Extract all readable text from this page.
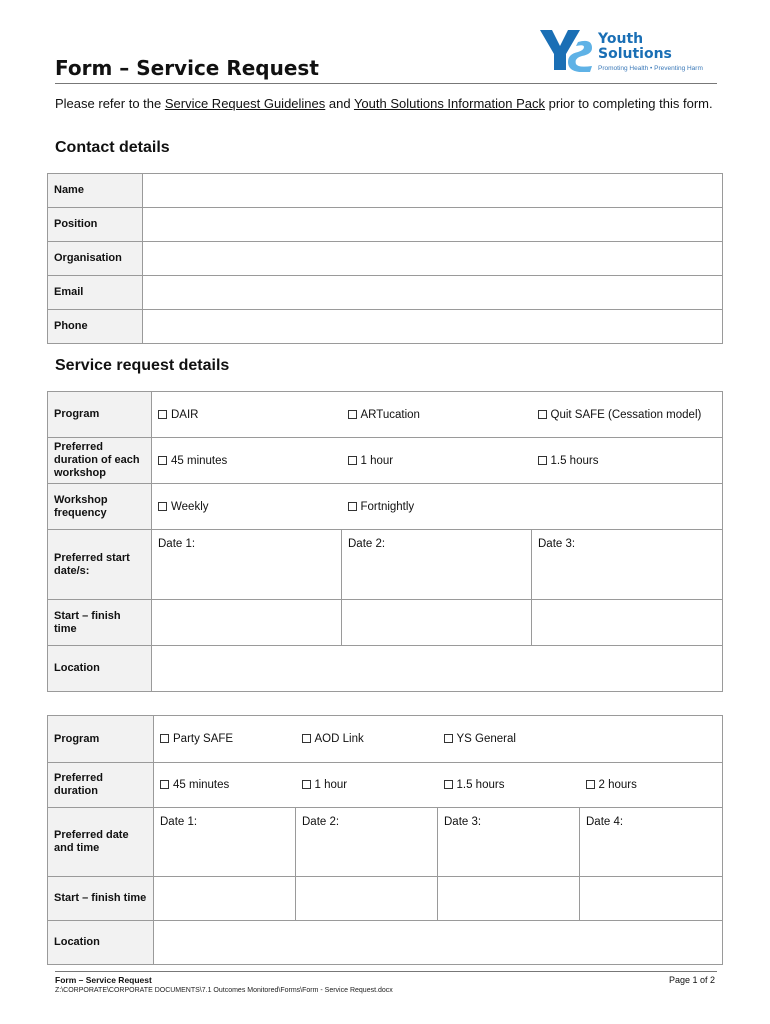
Youth
Solutions
Promoting Health • Preventing Harm
Form – Service Request
Please refer to the Service Request Guidelines and Youth Solutions Information Pack prior to completing this form.
Contact details
Name	
Position	
Organisation	
Email	
Phone	
Service request details
Program	DAIR	ARTucation	Quit SAFE (Cessation model)
Preferred duration of each workshop	45 minutes	1 hour	1.5 hours
Workshop frequency	Weekly	Fortnightly	
Preferred start date/s:	Date 1:	Date 2:	Date 3:
Start – finish time			
Location			
Program	Party SAFE	AOD Link	YS General	
Preferred duration	45 minutes	1 hour	1.5 hours	2 hours
Preferred date and time	Date 1:	Date 2:	Date 3:	Date 4:
Start – finish time				
Location				
Form – Service Request	Page 1 of 2
Z:\CORPORATE\CORPORATE DOCUMENTS\7.1 Outcomes Monitored\Forms\Form - Service Request.docx
